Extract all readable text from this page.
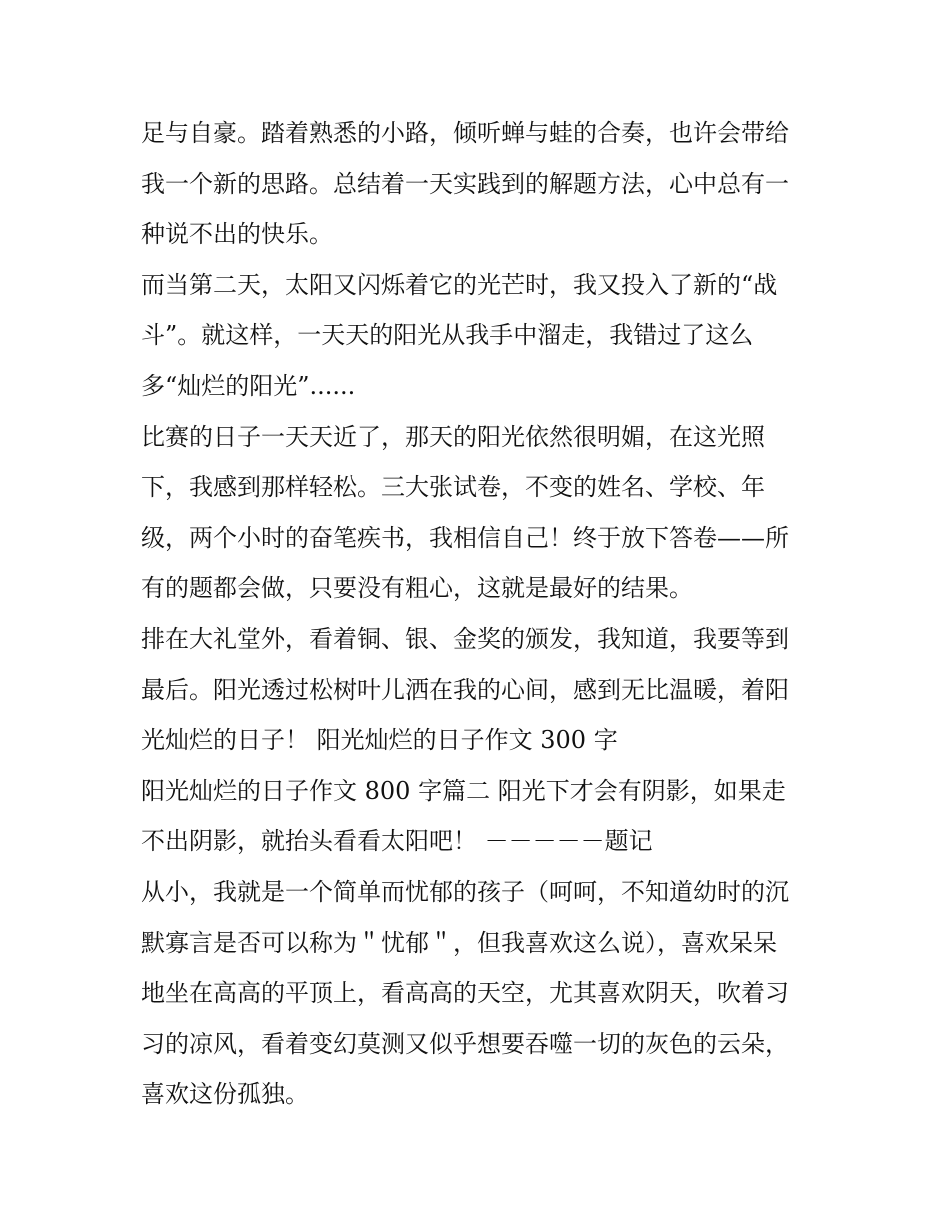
足与自豪。踏着熟悉的小路，倾听蝉与蛙的合奏，也许会带给
我一个新的思路。总结着一天实践到的解题方法，心中总有一
种说不出的快乐。
而当第二天，太阳又闪烁着它的光芒时，我又投入了新的“战
斗”。就这样，一天天的阳光从我手中溜走，我错过了这么
多“灿烂的阳光”......
比赛的日子一天天近了，那天的阳光依然很明媚，在这光照
下，我感到那样轻松。三大张试卷，不变的姓名、学校、年
级，两个小时的奋笔疾书，我相信自己！终于放下答卷——所
有的题都会做，只要没有粗心，这就是最好的结果。
排在大礼堂外，看着铜、银、金奖的颁发，我知道，我要等到
最后。阳光透过松树叶儿洒在我的心间，感到无比温暖，着阳
光灿烂的日子！ 阳光灿烂的日子作文 300 字
阳光灿烂的日子作文 800 字篇二 阳光下才会有阴影，如果走
不出阴影，就抬头看看太阳吧！ －－－－－题记
从小，我就是一个简单而忧郁的孩子（呵呵，不知道幼时的沉
默寡言是否可以称为＂忧郁＂，但我喜欢这么说），喜欢呆呆
地坐在高高的平顶上，看高高的天空，尤其喜欢阴天，吹着习
习的凉风，看着变幻莫测又似乎想要吞噬一切的灰色的云朵，
喜欢这份孤独。
